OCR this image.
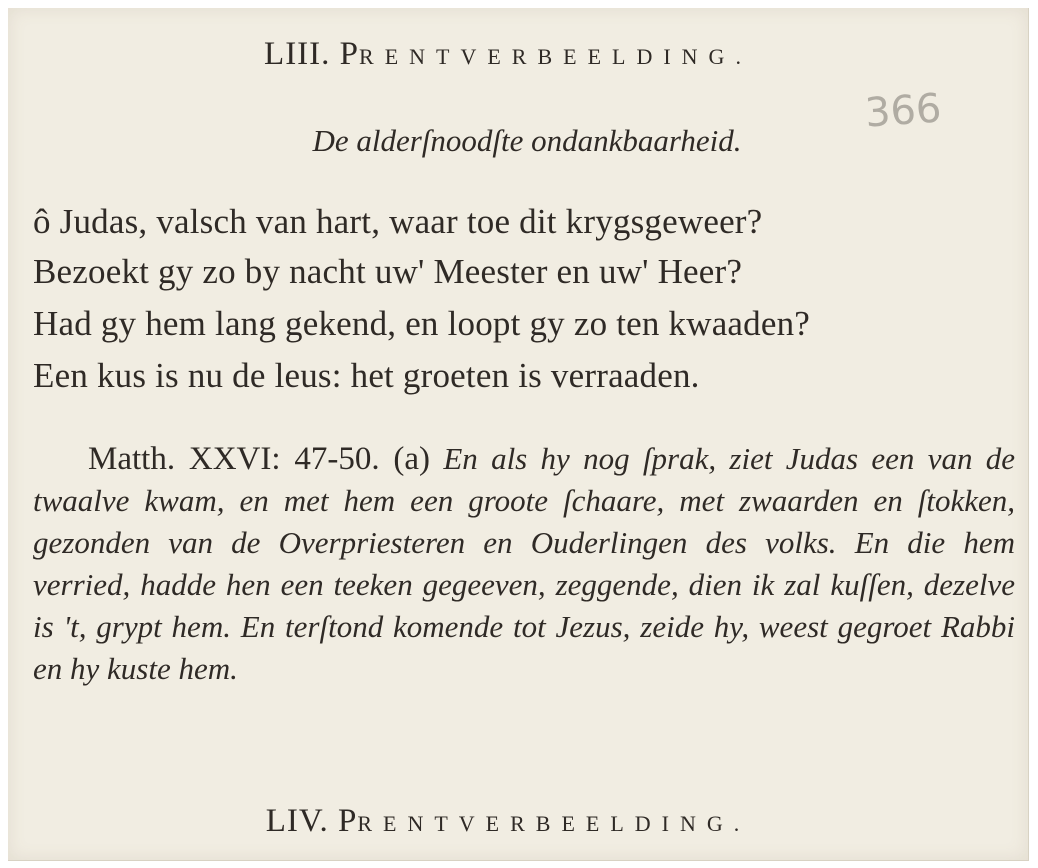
LIII. PRENTVERBEELDING.
366
De alderſnoodſte ondankbaarheid.
ô Judas, valsch van hart, waar toe dit krygsgeweer?
Bezoekt gy zo by nacht uw' Meester en uw' Heer?
Had gy hem lang gekend, en loopt gy zo ten kwaaden?
Een kus is nu de leus: het groeten is verraaden.
Matth. XXVI: 47-50. (a) En als hy nog ſprak, ziet Judas een van de twaalve kwam, en met hem een groote ſchaare, met zwaarden en ſtokken, gezonden van de Overpriesteren en Ouderlingen des volks. En die hem verried, hadde hen een teeken gegeeven, zeggende, dien ik zal kuſſen, dezelve is 't, grypt hem. En terſtond komende tot Jezus, zeide hy, weest gegroet Rabbi en hy kuste hem.
LIV. PRENTVERBEELDING.
